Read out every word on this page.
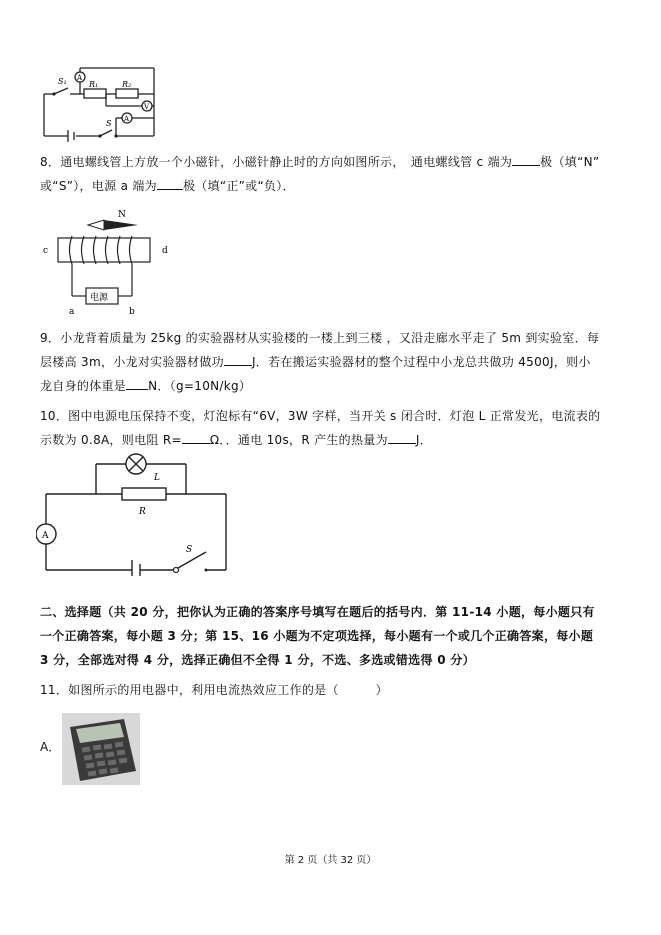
S₁ A
R₁	R₂
V
A
S

8．通电螺线管上方放一个小磁针，小磁针静止时的方向如图所示，　通电螺线管 c 端为 极（填“N”
或“S”），电源 a 端为 极（填“正”或“负）．

N
c	d
电源
a	b

9．小龙背着质量为 25kg 的实验器材从实验楼的一楼上到三楼 ，又沿走廊水平走了 5m 到实验室．每
层楼高 3m，小龙对实验器材做功 J．若在搬运实验器材的整个过程中小龙总共做功 4500J，则小
龙自身的体重是 N．（g=10N/kg）

10．图中电源电压保持不变，灯泡标有“6V，3W 字样，当开关 s 闭合时．灯泡 L 正常发光，电流表的
示数为 0.8A，则电阻 R= Ω．．通电 10s，R 产生的热量为 J．

L
R
A
S

二、选择题（共 20 分，把你认为正确的答案序号填写在题后的括号内．第 11-14 小题，每小题只有
一个正确答案，每小题 3 分；第 15、16 小题为不定项选择，每小题有一个或几个正确答案，每小题
3 分，全部选对得 4 分，选择正确但不全得 1 分，不选、多选或错选得 0 分）

11．如图所示的用电器中，利用电流热效应工作的是（　　　）

A．
第 2 页（共 32 页）
